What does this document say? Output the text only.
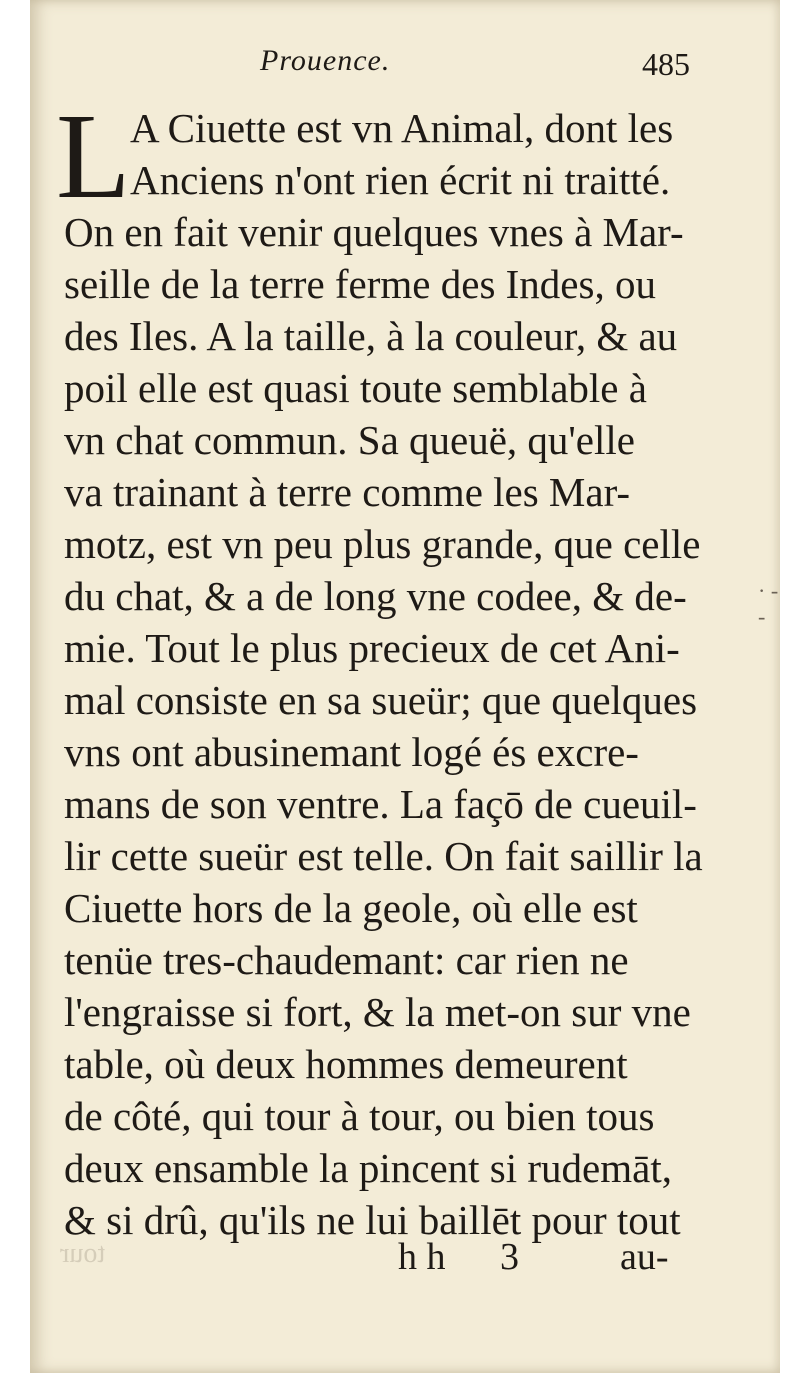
Prouence.	485
L A Ciuette est vn Animal, dont les
Anciens n'ont rien écrit ni traitté.
On en fait venir quelques vnes à Mar-
seille de la terre ferme des Indes, ou
des Iles. A la taille, à la couleur, & au
poil elle est quasi toute semblable à
vn chat commun. Sa queuë, qu'elle
va trainant à terre comme les Mar-
motz, est vn peu plus grande, que celle
du chat, & a de long vne codee, & de-
mie. Tout le plus precieux de cet Ani-
mal consiste en sa sueür; que quelques
vns ont abusinemant logé és excre-
mans de son ventre. La façō de cueuil-
lir cette sueür est telle. On fait saillir la
Ciuette hors de la geole, où elle est
tenüe tres-chaudemant: car rien ne
l'engraisse si fort, & la met-on sur vne
table, où deux hommes demeurent
de côté, qui tour à tour, ou bien tous
deux ensamble la pincent si rudemāt,
& si drû, qu'ils ne lui baillēt pour tout
h h 3	au-
tour
· - -
